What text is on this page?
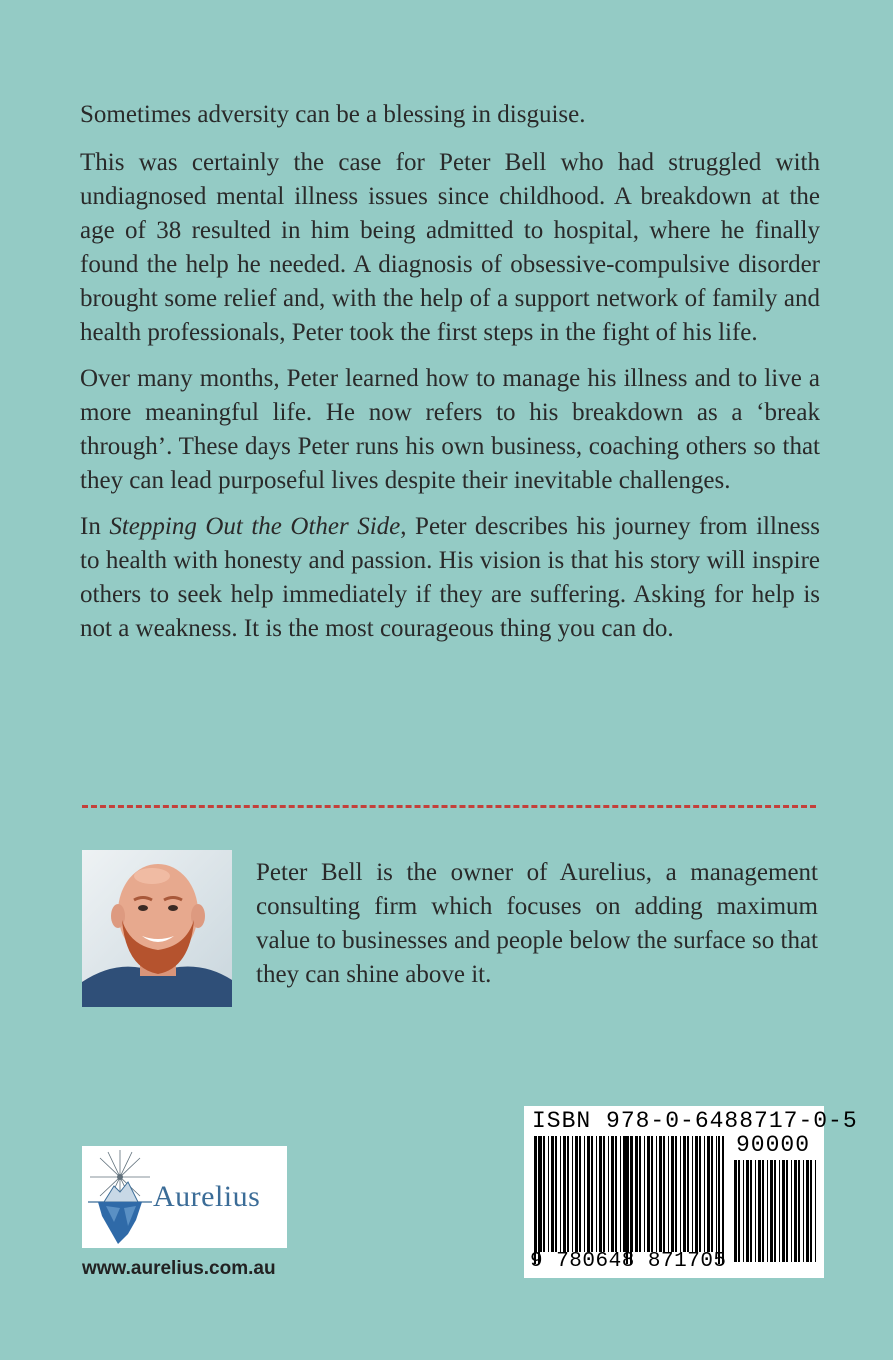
Sometimes adversity can be a blessing in disguise.

This was certainly the case for Peter Bell who had struggled with undiagnosed mental illness issues since childhood. A breakdown at the age of 38 resulted in him being admitted to hospital, where he finally found the help he needed. A diagnosis of obsessive-compulsive disorder brought some relief and, with the help of a support network of family and health professionals, Peter took the first steps in the fight of his life.

Over many months, Peter learned how to manage his illness and to live a more meaningful life. He now refers to his breakdown as a ‘break through’. These days Peter runs his own business, coaching others so that they can lead purposeful lives despite their inevitable challenges.

In Stepping Out the Other Side, Peter describes his journey from illness to health with honesty and passion. His vision is that his story will inspire others to seek help immediately if they are suffering. Asking for help is not a weakness. It is the most courageous thing you can do.

Peter Bell is the owner of Aurelius, a management consulting firm which focuses on adding maximum value to businesses and people below the surface so that they can shine above it.

Aurelius
www.aurelius.com.au
ISBN 978-0-6488717-0-5
90000
9 780648 871705
